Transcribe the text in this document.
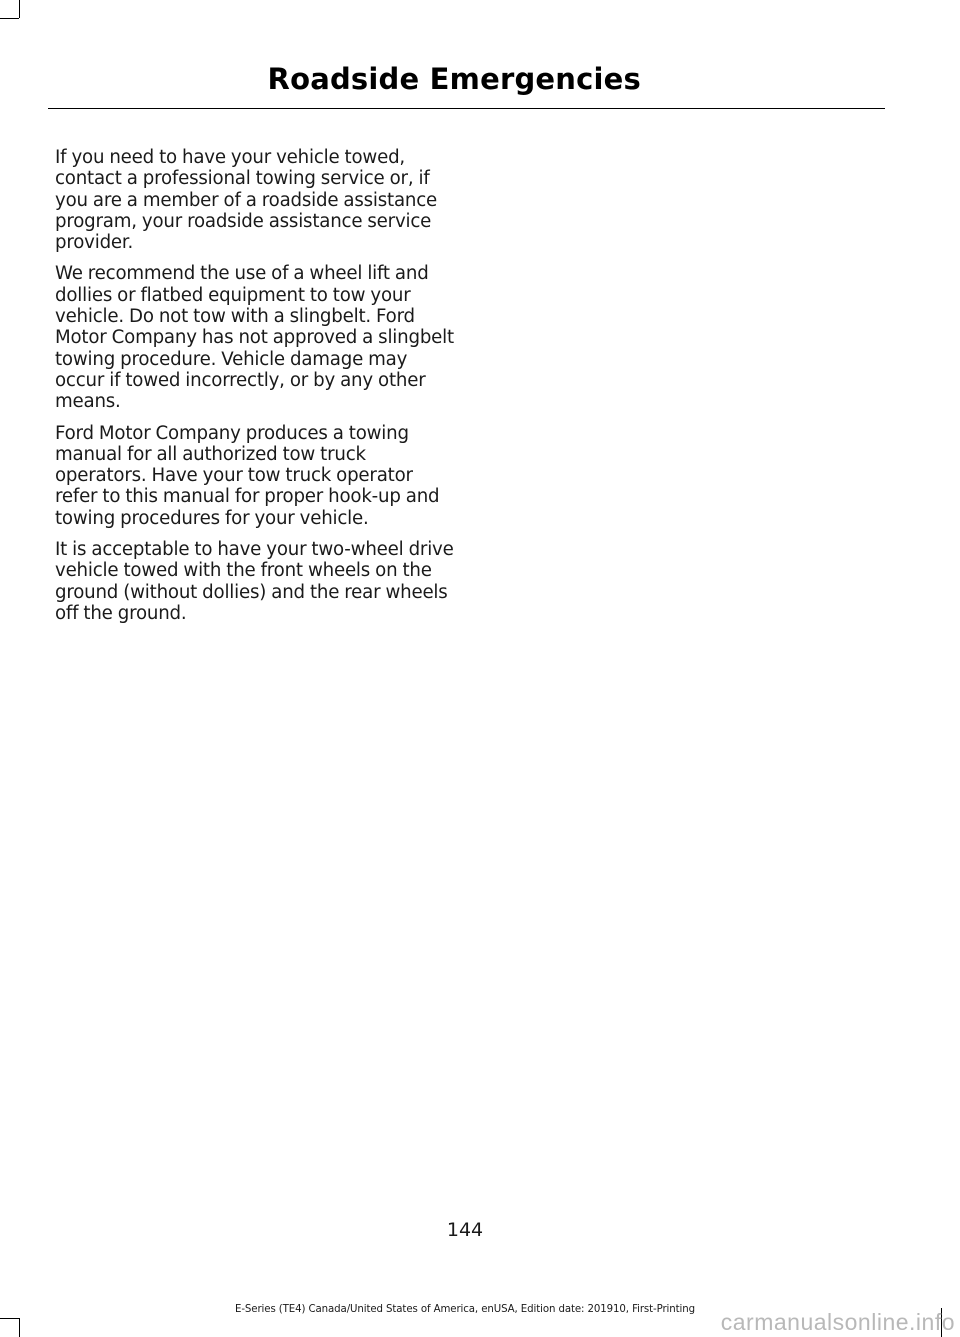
Roadside Emergencies

If you need to have your vehicle towed, contact a professional towing service or, if you are a member of a roadside assistance program, your roadside assistance service provider.

We recommend the use of a wheel lift and dollies or flatbed equipment to tow your vehicle. Do not tow with a slingbelt. Ford Motor Company has not approved a slingbelt towing procedure. Vehicle damage may occur if towed incorrectly, or by any other means.

Ford Motor Company produces a towing manual for all authorized tow truck operators. Have your tow truck operator refer to this manual for proper hook-up and towing procedures for your vehicle.

It is acceptable to have your two-wheel drive vehicle towed with the front wheels on the ground (without dollies) and the rear wheels off the ground.

144
E-Series (TE4) Canada/United States of America, enUSA, Edition date: 201910, First-Printing	carmanualsonline.info
